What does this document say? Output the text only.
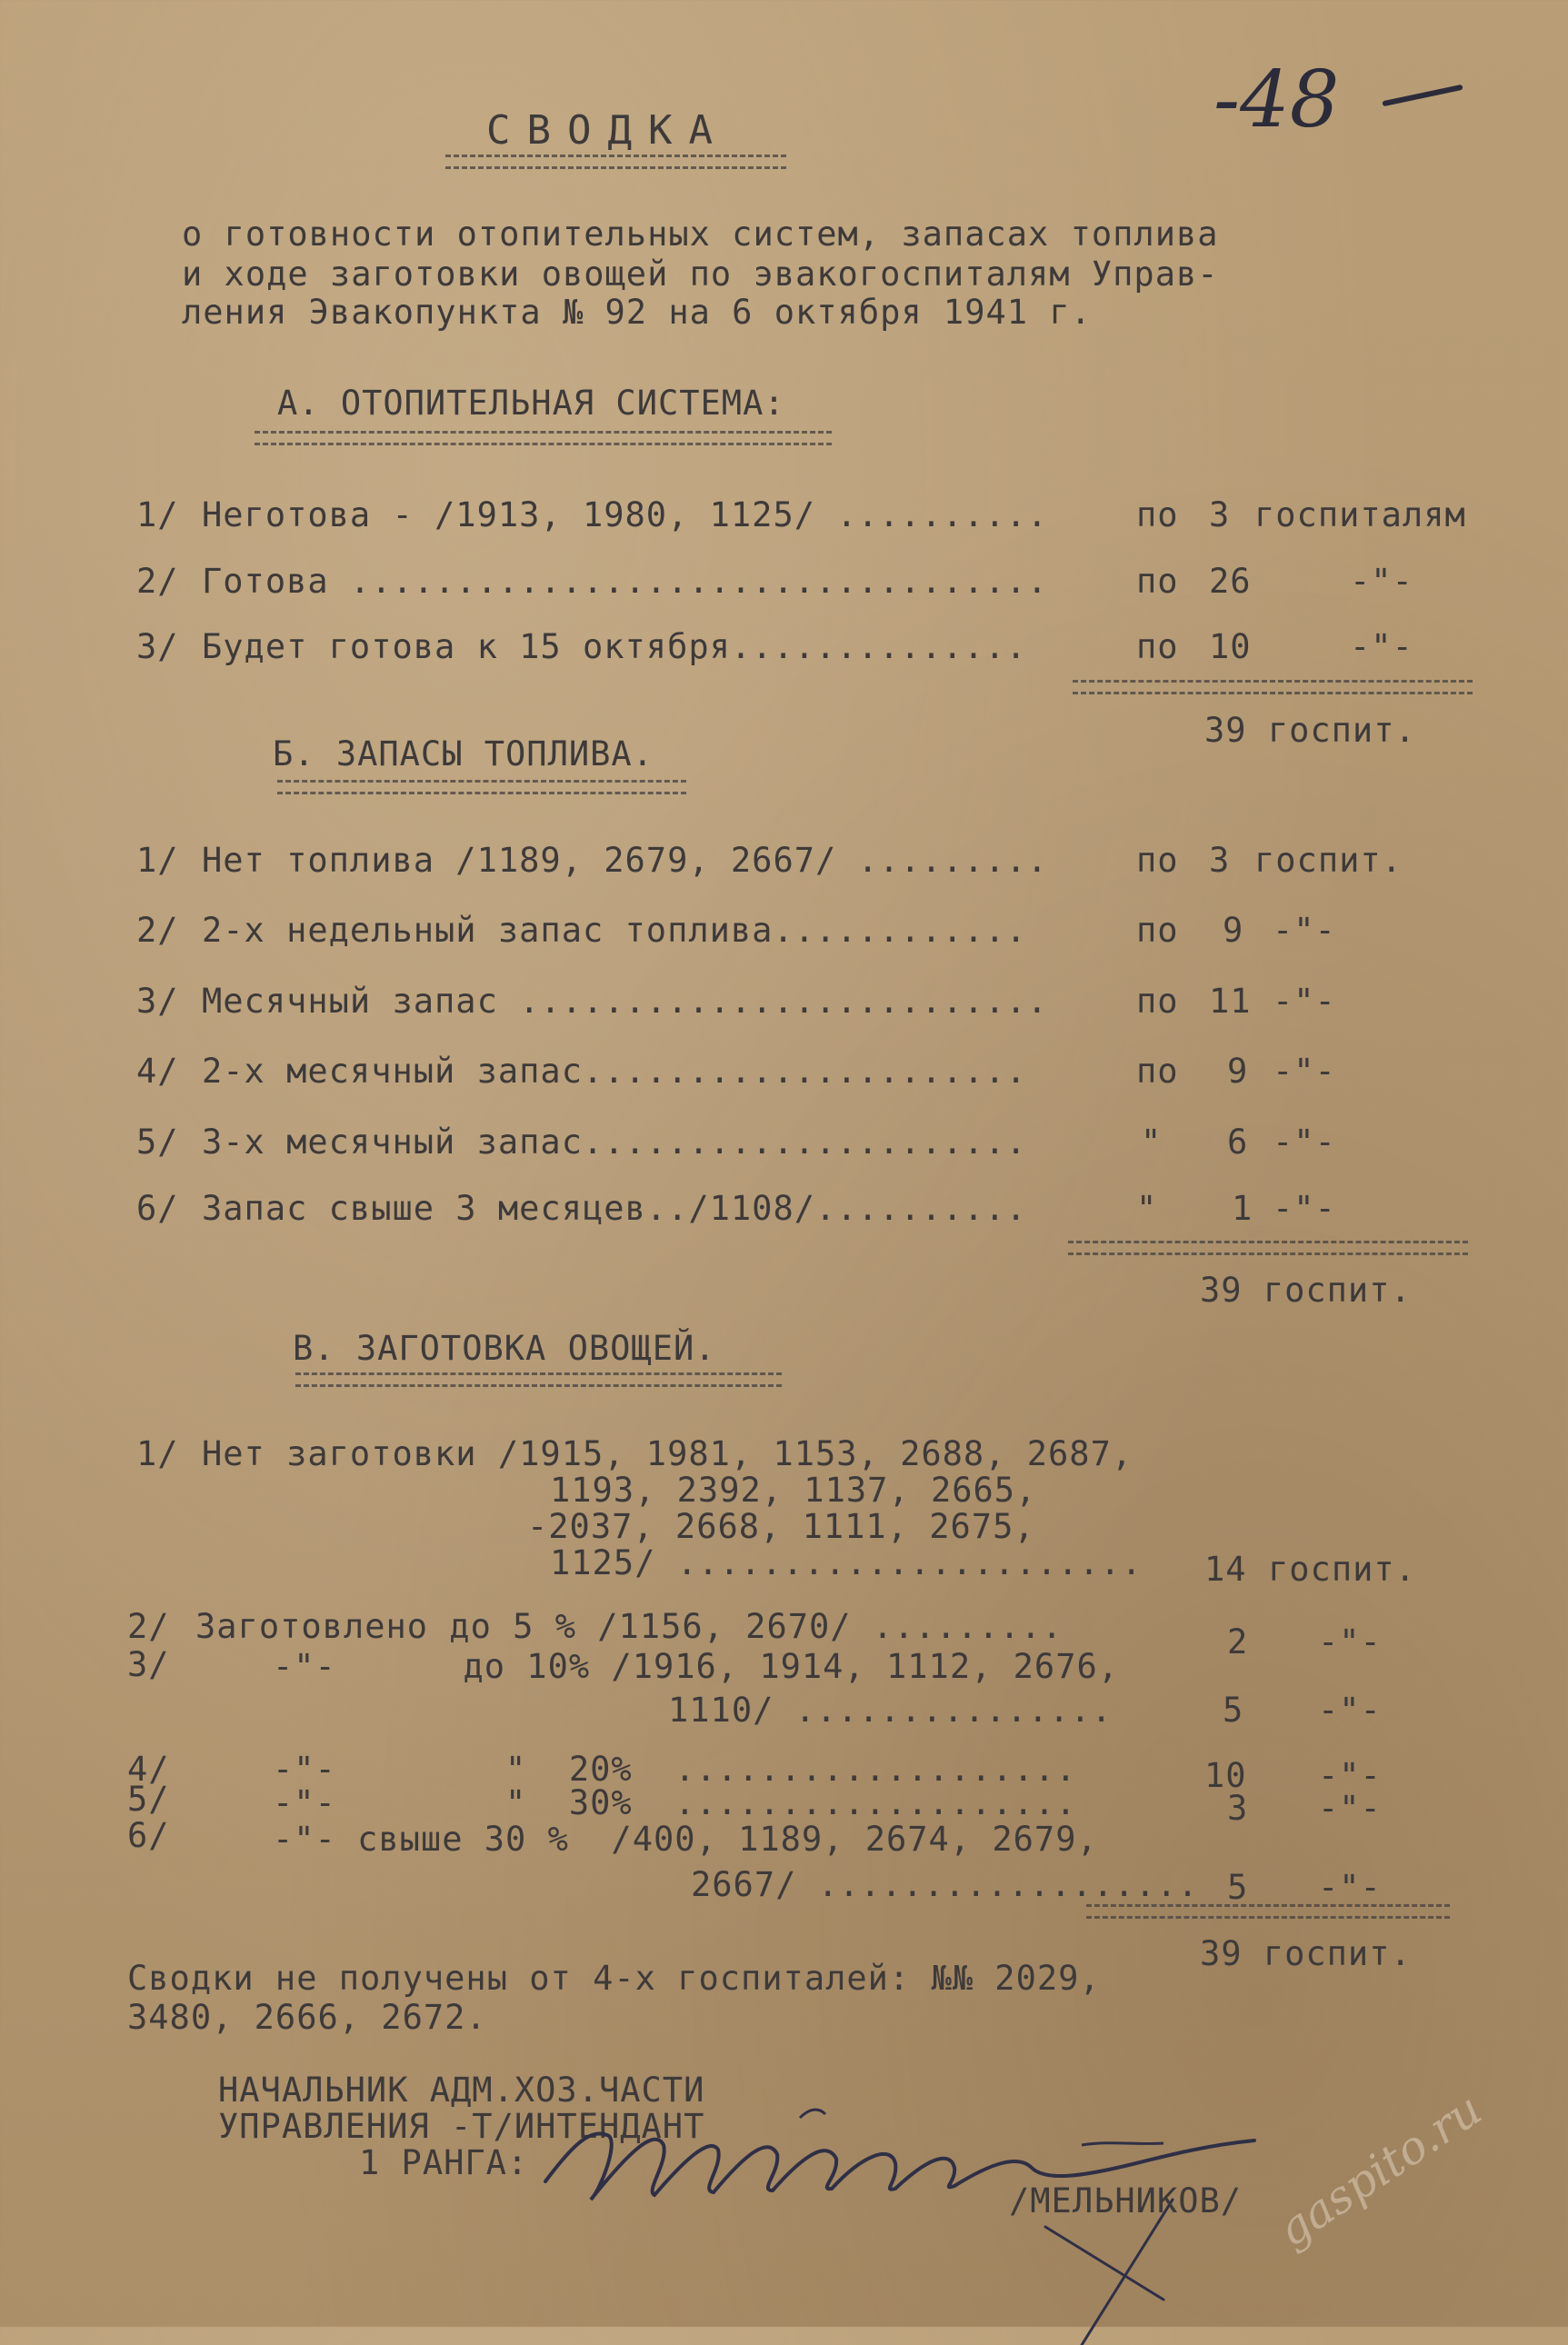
-48
СВОДКА
о готовности отопительных систем, запасах топлива
и ходе заготовки овощей по эвакогоспиталям Управ-
ления Эвакопункта № 92 на 6 октября 1941 г.
А. ОТОПИТЕЛЬНАЯ СИСТЕМА:
1/ Неготова - /1913, 1980, 1125/ ..........	по 3 госпиталям
2/ Готова .................................	по 26	-"-
3/ Будет готова к 15 октября..............	по 10	-"-
39 госпит.
Б. ЗАПАСЫ ТОПЛИВА.
1/ Нет топлива /1189, 2679, 2667/ .........	по 3 госпит.
2/ 2-х недельный запас топлива............	по 9 -"-
3/ Месячный запас .........................	по 11 -"-
4/ 2-х месячный запас.....................	по 9 -"-
5/ 3-х месячный запас.....................	" 6 -"-
6/ Запас свыше 3 месяцев../1108/..........	" 1 -"-
39 госпит.
В. ЗАГОТОВКА ОВОЩЕЙ.
1/ Нет заготовки /1915, 1981, 1153, 2688, 2687,
1193, 2392, 1137, 2665,
-2037, 2668, 1111, 2675,
1125/ ...................... 14 госпит.
2/ Заготовлено до 5 % /1156, 2670/ .........	2 -"-
3/	-"-      до 10% /1916, 1914, 1112, 2676,
1110/ ...............	5 -"-
4/	-"-        "  20%  ...................	10 -"-
5/	-"-        "  30%  ...................	3 -"-
6/	-"- свыше 30 %  /400, 1189, 2674, 2679,
2667/ .................. 5 -"-
39 госпит.
Сводки не получены от 4-х госпиталей: №№ 2029,
3480, 2666, 2672.
НАЧАЛЬНИК АДМ.ХОЗ.ЧАСТИ
УПРАВЛЕНИЯ -Т/ИНТЕНДАНТ
1 РАНГА:
/МЕЛЬНИКОВ/ gaspito.ru
